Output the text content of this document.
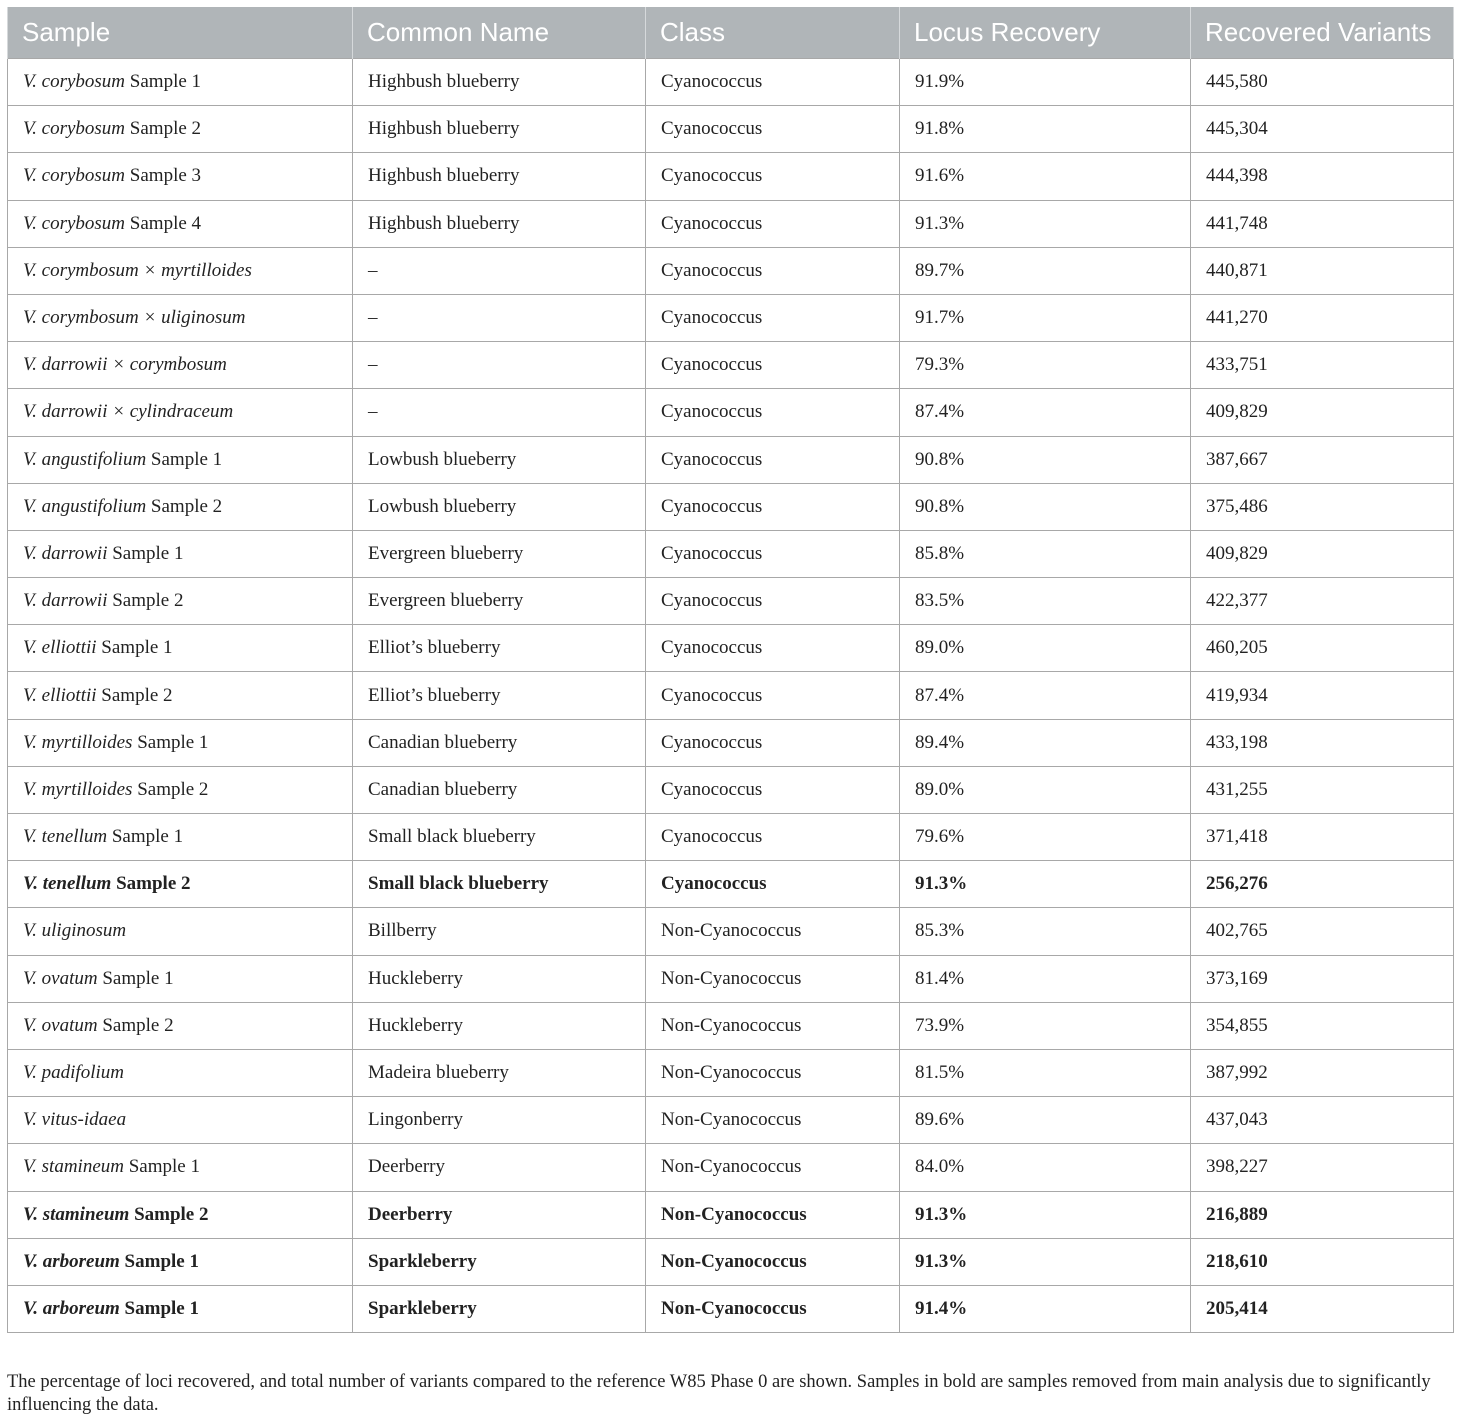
Sample	Common Name	Class	Locus Recovery	Recovered Variants
V. corybosum Sample 1	Highbush blueberry	Cyanococcus	91.9%	445,580
V. corybosum Sample 2	Highbush blueberry	Cyanococcus	91.8%	445,304
V. corybosum Sample 3	Highbush blueberry	Cyanococcus	91.6%	444,398
V. corybosum Sample 4	Highbush blueberry	Cyanococcus	91.3%	441,748
V. corymbosum × myrtilloides	–	Cyanococcus	89.7%	440,871
V. corymbosum × uliginosum	–	Cyanococcus	91.7%	441,270
V. darrowii × corymbosum	–	Cyanococcus	79.3%	433,751
V. darrowii × cylindraceum	–	Cyanococcus	87.4%	409,829
V. angustifolium Sample 1	Lowbush blueberry	Cyanococcus	90.8%	387,667
V. angustifolium Sample 2	Lowbush blueberry	Cyanococcus	90.8%	375,486
V. darrowii Sample 1	Evergreen blueberry	Cyanococcus	85.8%	409,829
V. darrowii Sample 2	Evergreen blueberry	Cyanococcus	83.5%	422,377
V. elliottii Sample 1	Elliot’s blueberry	Cyanococcus	89.0%	460,205
V. elliottii Sample 2	Elliot’s blueberry	Cyanococcus	87.4%	419,934
V. myrtilloides Sample 1	Canadian blueberry	Cyanococcus	89.4%	433,198
V. myrtilloides Sample 2	Canadian blueberry	Cyanococcus	89.0%	431,255
V. tenellum Sample 1	Small black blueberry	Cyanococcus	79.6%	371,418
V. tenellum Sample 2	Small black blueberry	Cyanococcus	91.3%	256,276
V. uliginosum	Billberry	Non-Cyanococcus	85.3%	402,765
V. ovatum Sample 1	Huckleberry	Non-Cyanococcus	81.4%	373,169
V. ovatum Sample 2	Huckleberry	Non-Cyanococcus	73.9%	354,855
V. padifolium	Madeira blueberry	Non-Cyanococcus	81.5%	387,992
V. vitus-idaea	Lingonberry	Non-Cyanococcus	89.6%	437,043
V. stamineum Sample 1	Deerberry	Non-Cyanococcus	84.0%	398,227
V. stamineum Sample 2	Deerberry	Non-Cyanococcus	91.3%	216,889
V. arboreum Sample 1	Sparkleberry	Non-Cyanococcus	91.3%	218,610
V. arboreum Sample 1	Sparkleberry	Non-Cyanococcus	91.4%	205,414
The percentage of loci recovered, and total number of variants compared to the reference W85 Phase 0 are shown. Samples in bold are samples removed from main analysis due to significantly influencing the data.
